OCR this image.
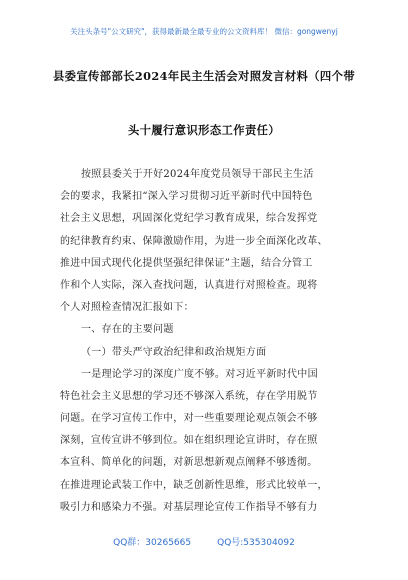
关注头条号"公文研究"，获得最新最全最专业的公文资料库！ 微信：gongwenyj
县委宣传部部长2024年民主生活会对照发言材料（四个带
头十履行意识形态工作责任）
按照县委关于开好2024年度党员领导干部民主生活
会的要求，我紧扣“深入学习贯彻习近平新时代中国特色
社会主义思想，巩固深化党纪学习教育成果，综合发挥党
的纪律教育约束、保障激励作用，为进一步全面深化改革、
推进中国式现代化提供坚强纪律保证”主题，结合分管工
作和个人实际，深入查找问题，认真进行对照检查。现将
个人对照检查情况汇报如下：
一、存在的主要问题
（一）带头严守政治纪律和政治规矩方面
一是理论学习的深度广度不够。对习近平新时代中国
特色社会主义思想的学习还不够深入系统，存在学用脱节
问题。在学习宣传工作中，对一些重要理论观点领会不够
深刻，宣传宣讲不够到位。如在组织理论宣讲时，存在照
本宣科、简单化的问题，对新思想新观点阐释不够透彻。
在推进理论武装工作中，缺乏创新性思维，形式比较单一，
吸引力和感染力不强。对基层理论宣传工作指导不够有力
QQ群：30265665	QQ号:535304092
